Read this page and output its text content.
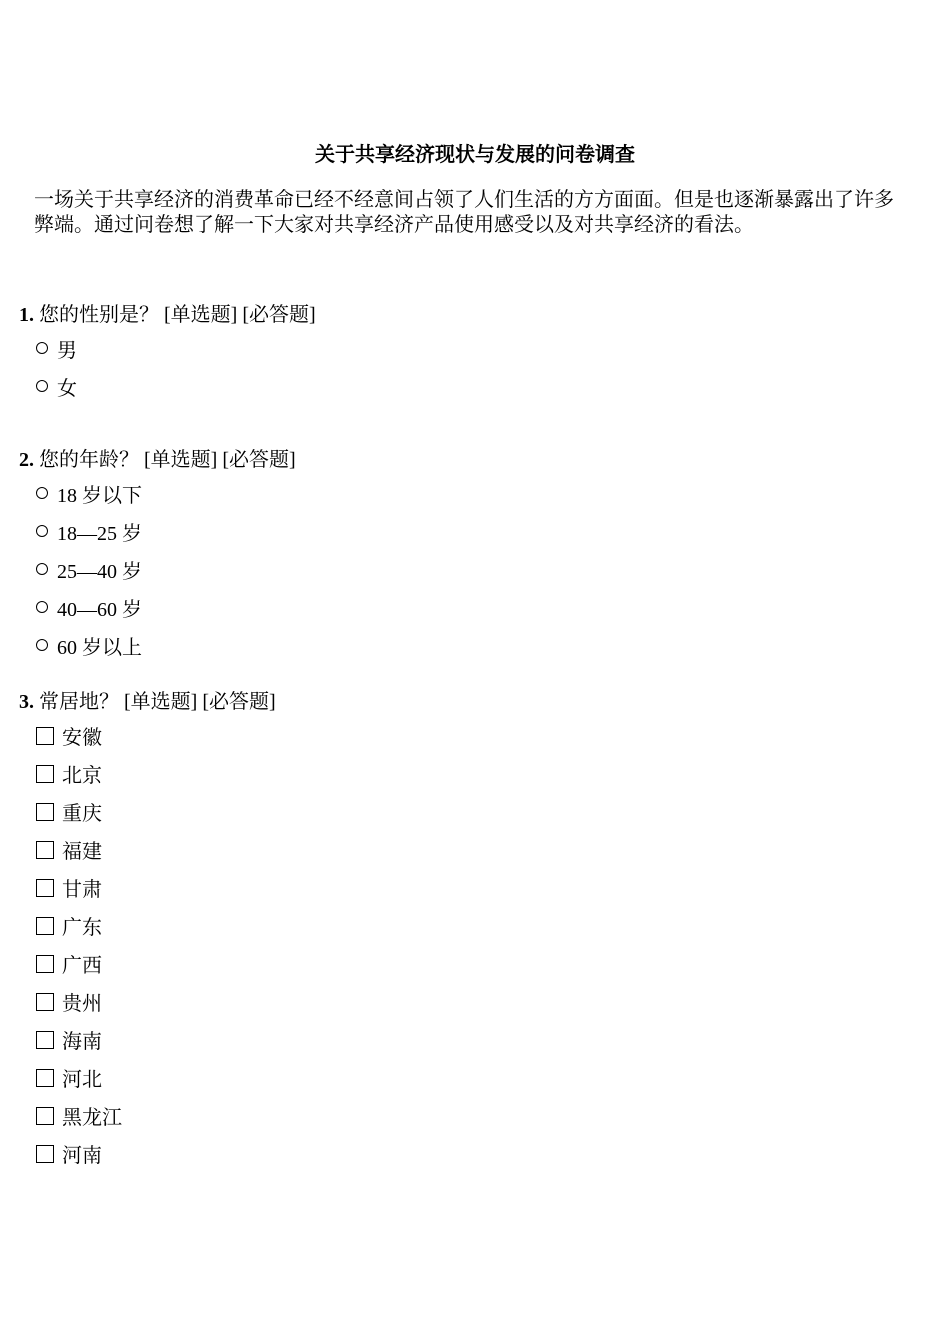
关于共享经济现状与发展的问卷调查
一场关于共享经济的消费革命已经不经意间占领了人们生活的方方面面。但是也逐渐暴露出了许多弊端。通过问卷想了解一下大家对共享经济产品使用感受以及对共享经济的看法。
1. 您的性别是？ [单选题] [必答题]
男
女
2. 您的年龄？ [单选题] [必答题]
18 岁以下
18—25 岁
25—40 岁
40—60 岁
60 岁以上
3. 常居地？ [单选题] [必答题]
安徽
北京
重庆
福建
甘肃
广东
广西
贵州
海南
河北
黑龙江
河南
